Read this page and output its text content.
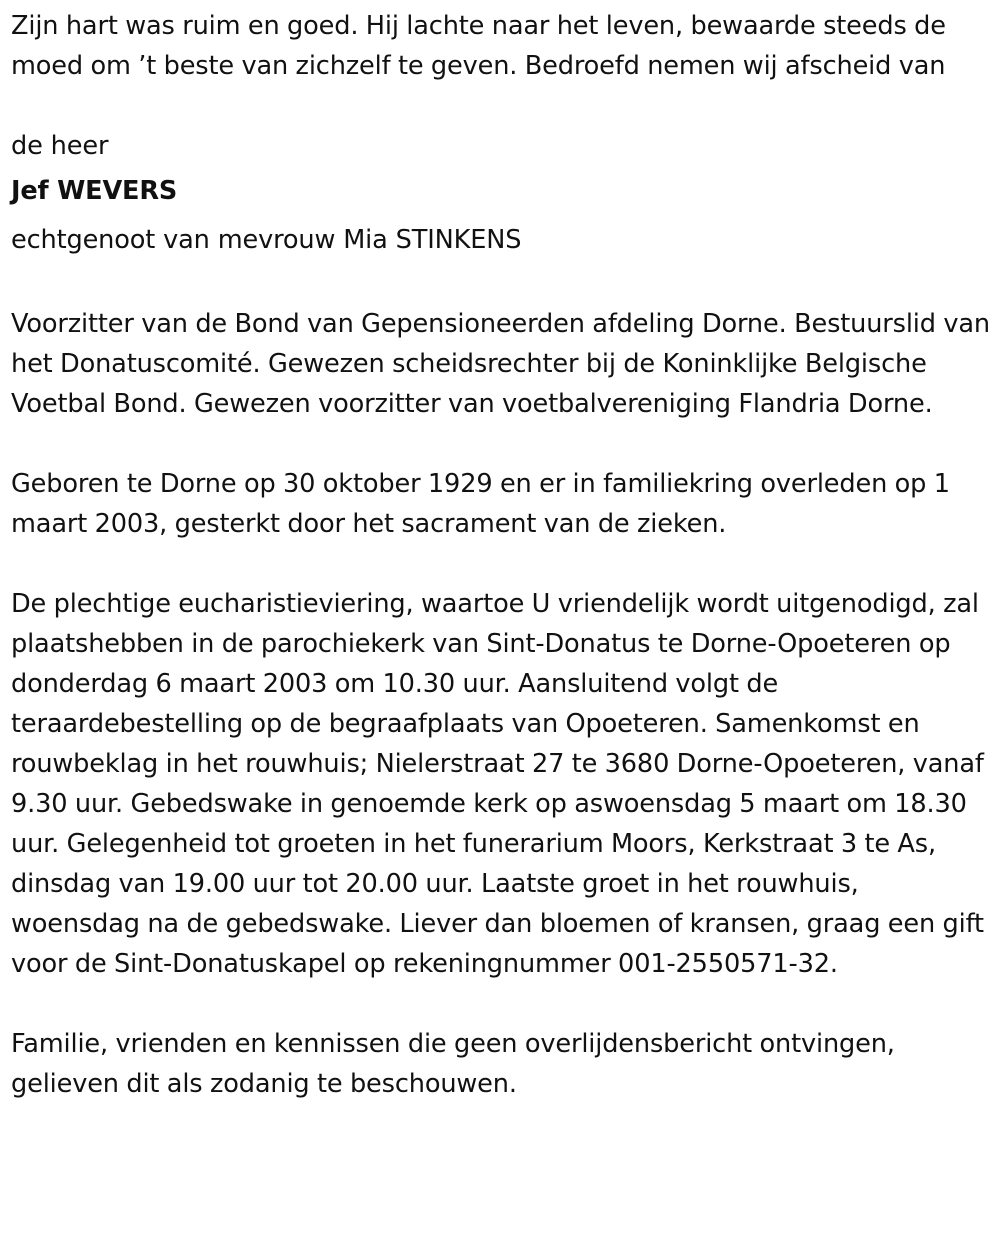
Zijn hart was ruim en goed. Hij lachte naar het leven, bewaarde steeds de moed om ’t beste van zichzelf te geven. Bedroefd nemen wij afscheid van

de heer

Jef WEVERS

echtgenoot van mevrouw Mia STINKENS

Voorzitter van de Bond van Gepensioneerden afdeling Dorne. Bestuurslid van het Donatuscomité. Gewezen scheidsrechter bij de Koninklijke Belgische Voetbal Bond. Gewezen voorzitter van voetbalvereniging Flandria Dorne.

Geboren te Dorne op 30 oktober 1929 en er in familiekring overleden op 1 maart 2003, gesterkt door het sacrament van de zieken.

De plechtige eucharistieviering, waartoe U vriendelijk wordt uitgenodigd, zal plaatshebben in de parochiekerk van Sint-Donatus te Dorne-Opoeteren op donderdag 6 maart 2003 om 10.30 uur. Aansluitend volgt de teraardebestelling op de begraafplaats van Opoeteren. Samenkomst en rouwbeklag in het rouwhuis; Nielerstraat 27 te 3680 Dorne-Opoeteren, vanaf 9.30 uur. Gebedswake in genoemde kerk op aswoensdag 5 maart om 18.30 uur. Gelegenheid tot groeten in het funerarium Moors, Kerkstraat 3 te As, dinsdag van 19.00 uur tot 20.00 uur. Laatste groet in het rouwhuis, woensdag na de gebedswake. Liever dan bloemen of kransen, graag een gift voor de Sint-Donatuskapel op rekeningnummer 001-2550571-32.

Familie, vrienden en kennissen die geen overlijdensbericht ontvingen, gelieven dit als zodanig te beschouwen.
